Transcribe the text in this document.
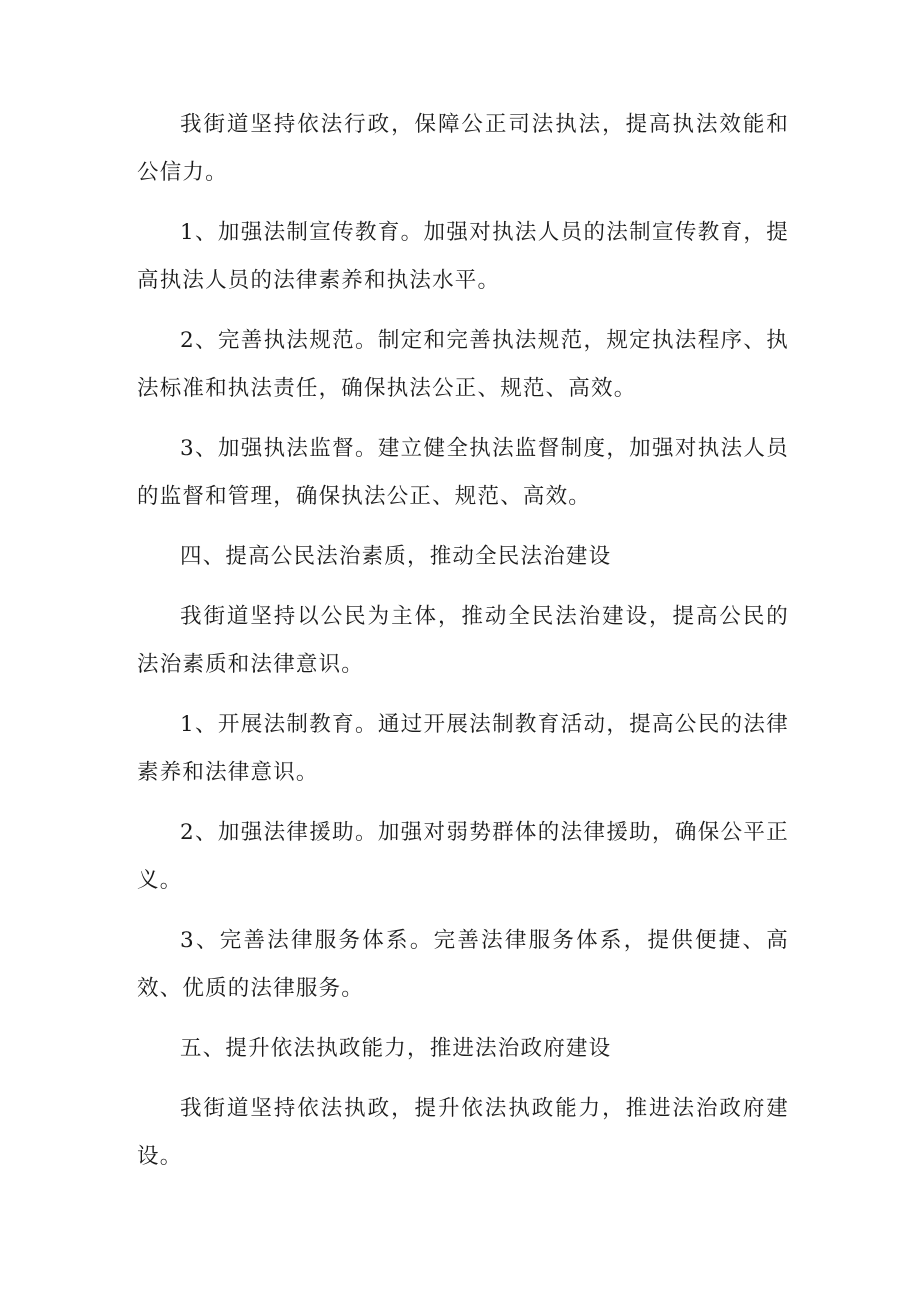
我街道坚持依法行政，保障公正司法执法，提高执法效能和公信力。

1、加强法制宣传教育。加强对执法人员的法制宣传教育，提高执法人员的法律素养和执法水平。

2、完善执法规范。制定和完善执法规范，规定执法程序、执法标准和执法责任，确保执法公正、规范、高效。

3、加强执法监督。建立健全执法监督制度，加强对执法人员的监督和管理，确保执法公正、规范、高效。

四、提高公民法治素质，推动全民法治建设

我街道坚持以公民为主体，推动全民法治建设，提高公民的法治素质和法律意识。

1、开展法制教育。通过开展法制教育活动，提高公民的法律素养和法律意识。

2、加强法律援助。加强对弱势群体的法律援助，确保公平正义。

3、完善法律服务体系。完善法律服务体系，提供便捷、高效、优质的法律服务。

五、提升依法执政能力，推进法治政府建设

我街道坚持依法执政，提升依法执政能力，推进法治政府建设。
